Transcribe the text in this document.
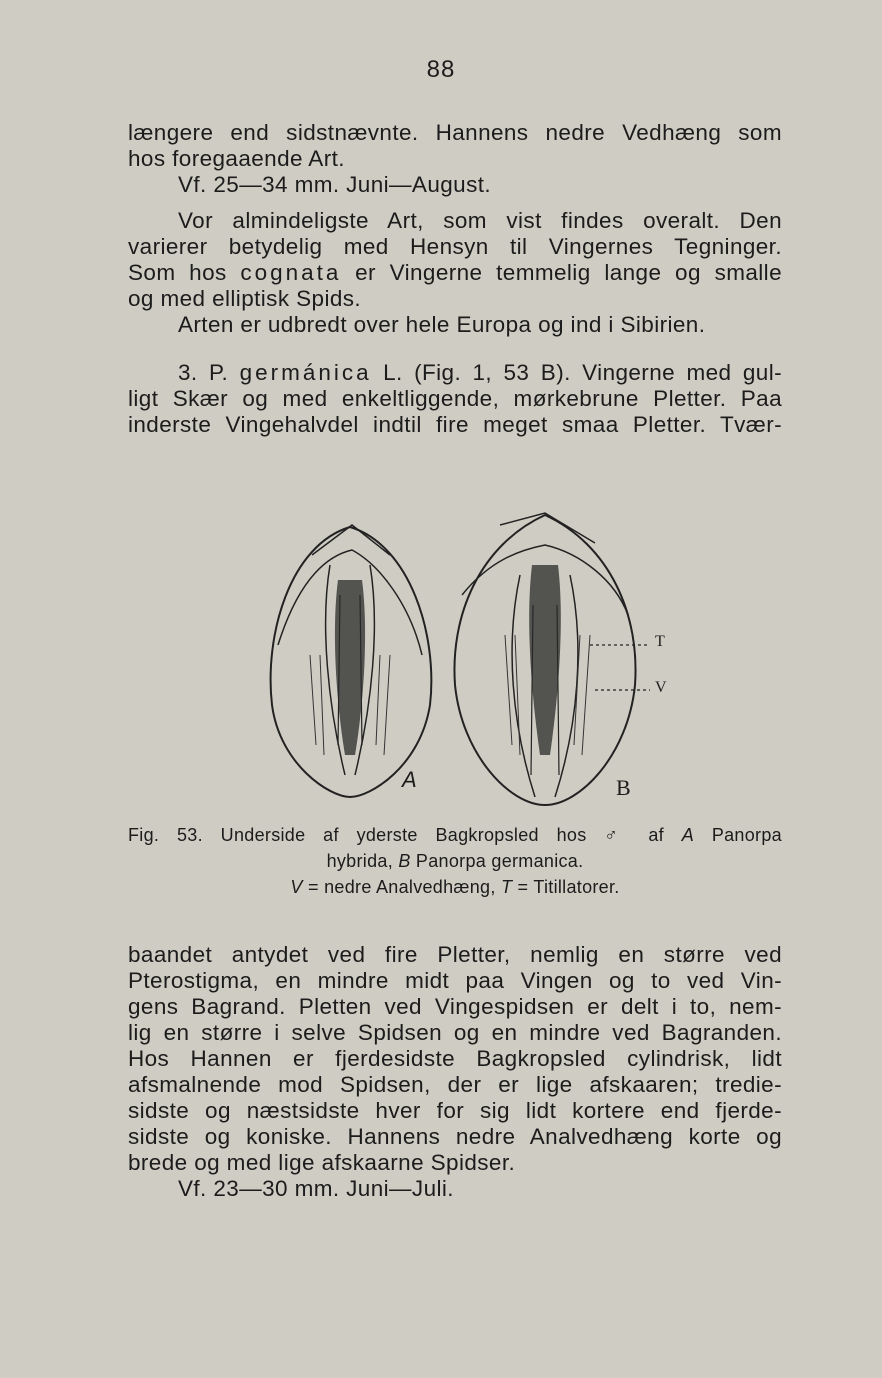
88

længere end sidstnævnte. Hannens nedre Vedhæng som

hos foregaaende Art.

Vf. 25—34 mm. Juni—August.

Vor almindeligste Art, som vist findes overalt. Den

varierer betydelig med Hensyn til Vingernes Tegninger.

Som hos cognata er Vingerne temmelig lange og smalle

og med elliptisk Spids.

Arten er udbredt over hele Europa og ind i Sibirien.

3. P. germánica L. (Fig. 1, 53 B). Vingerne med gul-

ligt Skær og med enkeltliggende, mørkebrune Pletter. Paa

inderste Vingehalvdel indtil fire meget smaa Pletter. Tvær-

A	B
T
V

Fig. 53. Underside af yderste Bagkropsled hos ♂ af A Panorpa

hybrida, B Panorpa germanica.

V = nedre Analvedhæng, T = Titillatorer.

baandet antydet ved fire Pletter, nemlig en større ved

Pterostigma, en mindre midt paa Vingen og to ved Vin-

gens Bagrand. Pletten ved Vingespidsen er delt i to, nem-

lig en større i selve Spidsen og en mindre ved Bagranden.

Hos Hannen er fjerdesidste Bagkropsled cylindrisk, lidt

afsmalnende mod Spidsen, der er lige afskaaren; tredie-

sidste og næstsidste hver for sig lidt kortere end fjerde-

sidste og koniske. Hannens nedre Analvedhæng korte og

brede og med lige afskaarne Spidser.

Vf. 23—30 mm. Juni—Juli.
